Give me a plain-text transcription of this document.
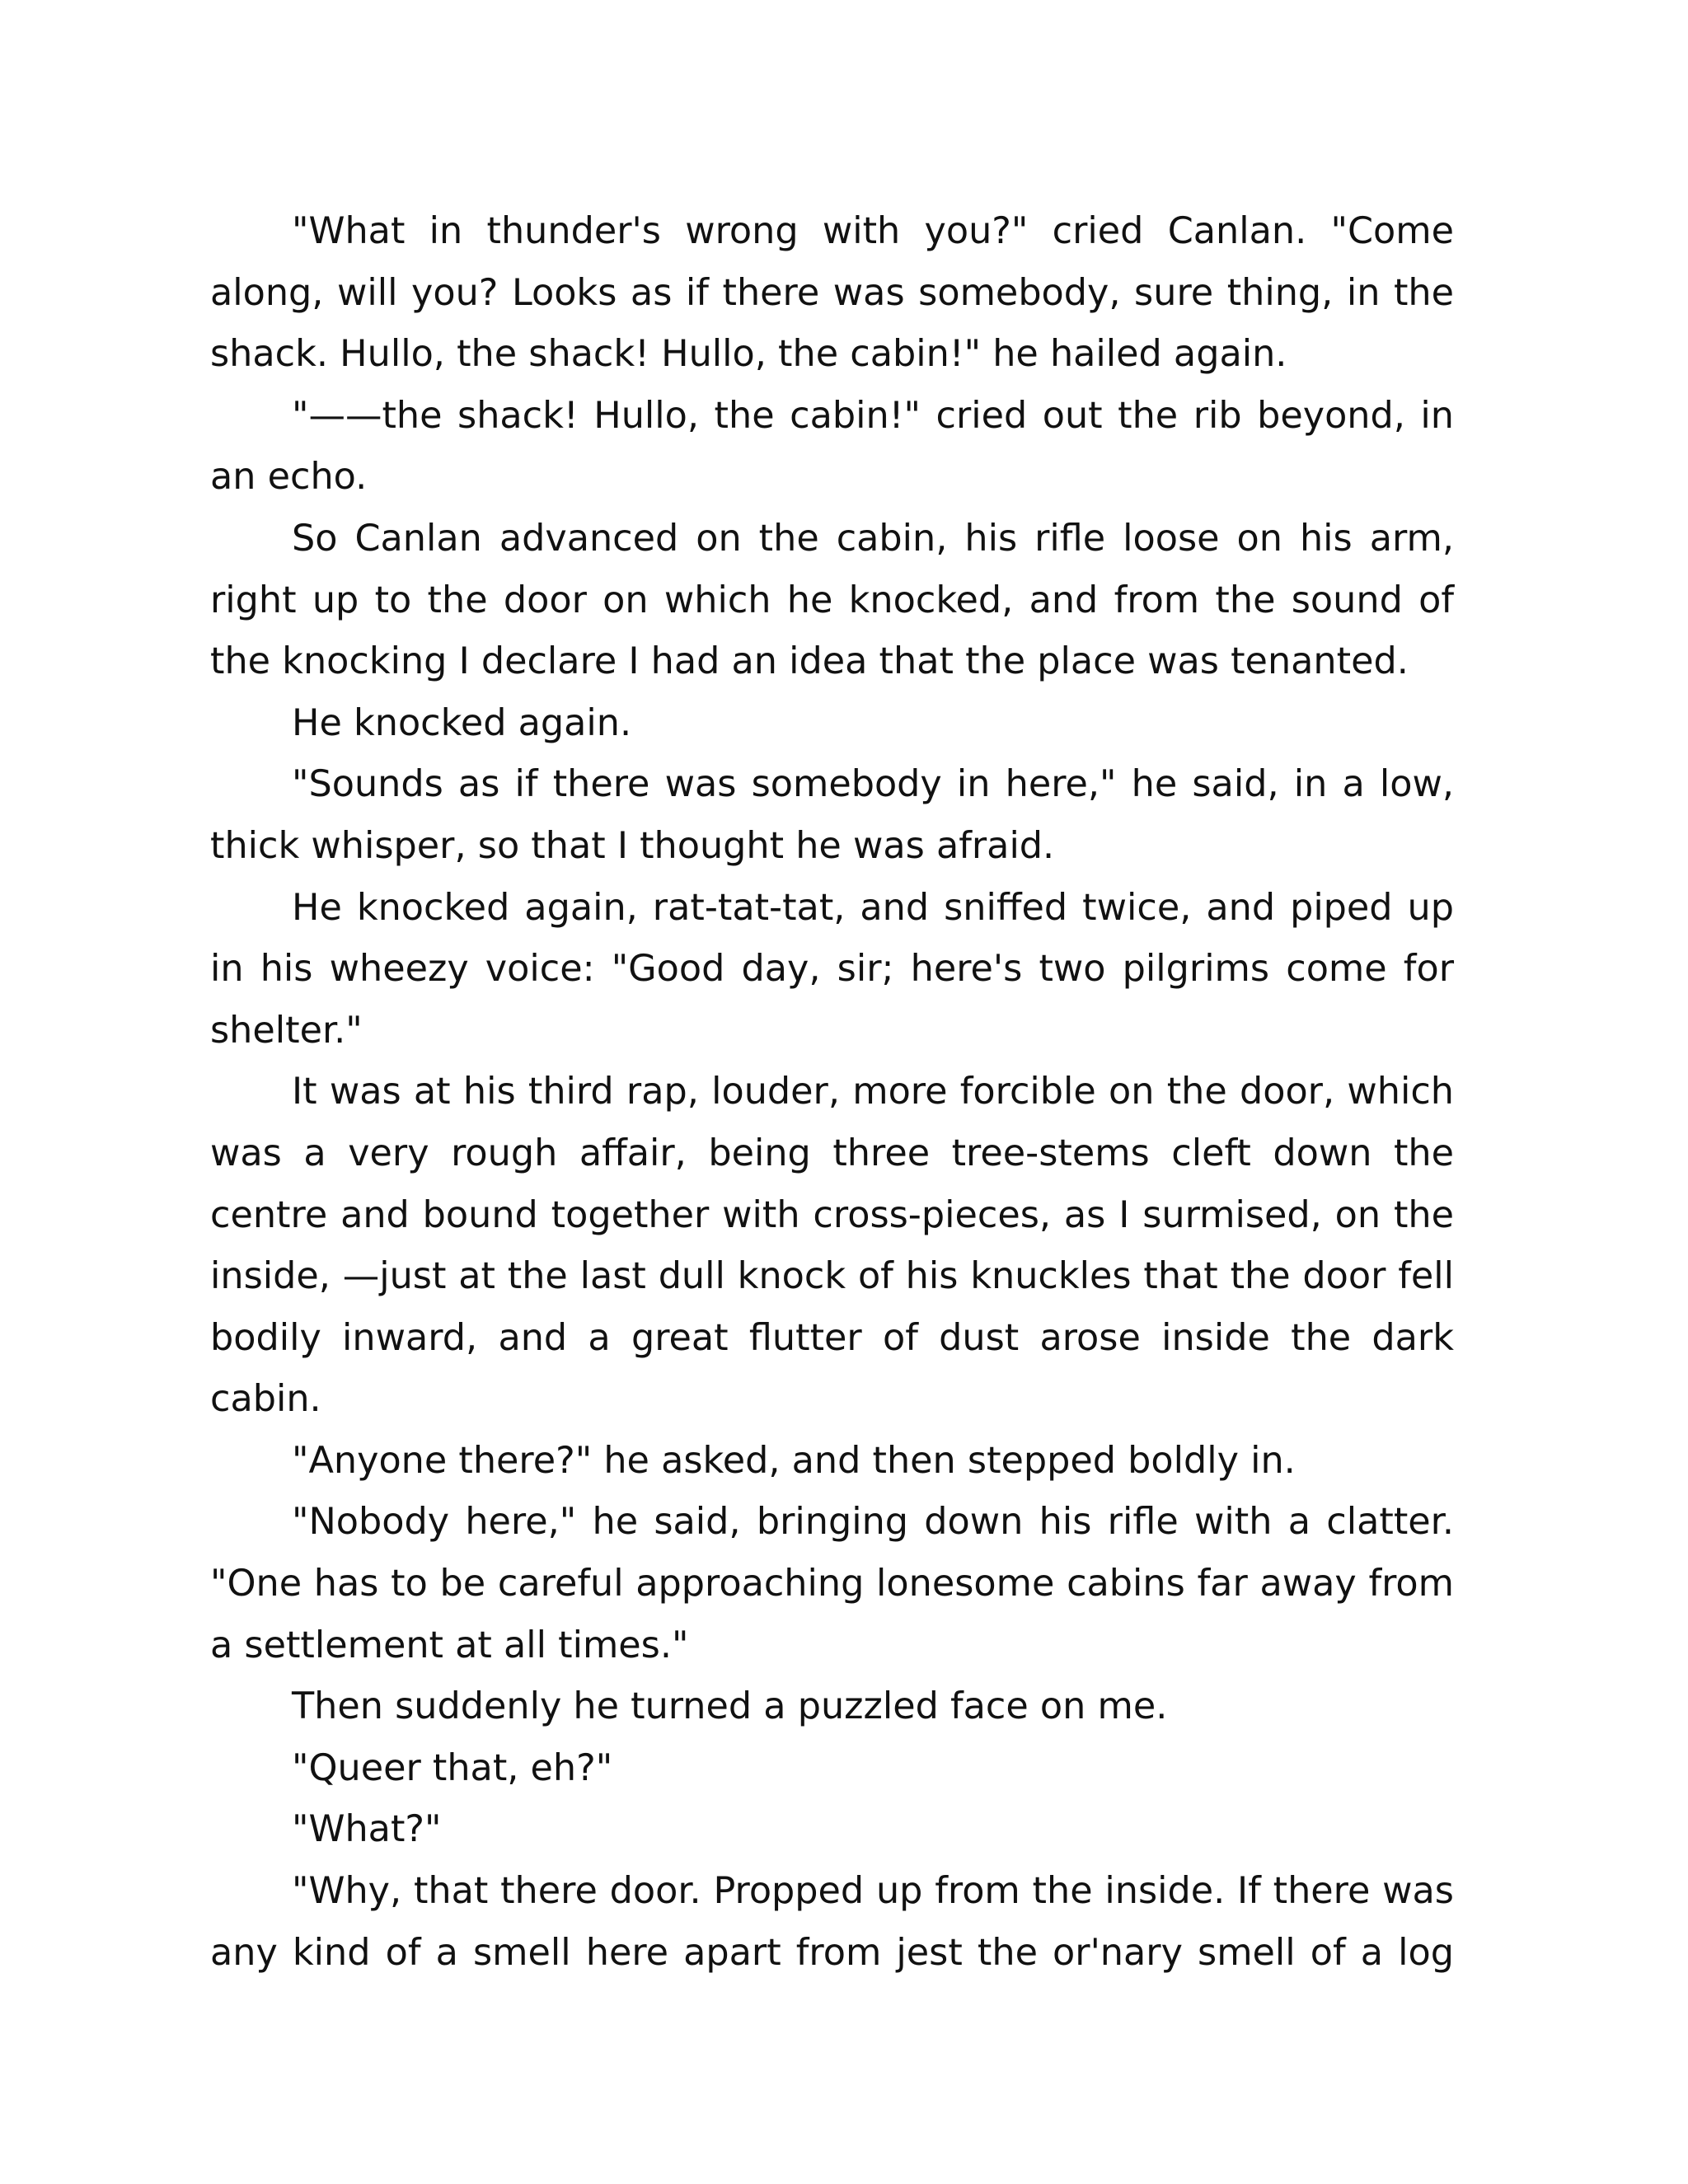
"What in thunder's wrong with you?" cried Canlan. "Come along, will you? Looks as if there was somebody, sure thing, in the shack. Hullo, the shack! Hullo, the cabin!" he hailed again.

"——the shack! Hullo, the cabin!" cried out the rib beyond, in an echo.

So Canlan advanced on the cabin, his rifle loose on his arm, right up to the door on which he knocked, and from the sound of the knocking I declare I had an idea that the place was tenanted.

He knocked again.

"Sounds as if there was somebody in here," he said, in a low, thick whisper, so that I thought he was afraid.

He knocked again, rat-tat-tat, and sniffed twice, and piped up in his wheezy voice: "Good day, sir; here's two pilgrims come for shelter."

It was at his third rap, louder, more forcible on the door, which was a very rough affair, being three tree-stems cleft down the centre and bound together with cross-pieces, as I surmised, on the inside, —just at the last dull knock of his knuckles that the door fell bodily inward, and a great flutter of dust arose inside the dark cabin.

"Anyone there?" he asked, and then stepped boldly in.

"Nobody here," he said, bringing down his rifle with a clatter. "One has to be careful approaching lonesome cabins far away from a settlement at all times."

Then suddenly he turned a puzzled face on me.

"Queer that, eh?"

"What?"

"Why, that there door. Propped up from the inside. If there was any kind of a smell here apart from jest the or'nary smell of a log
